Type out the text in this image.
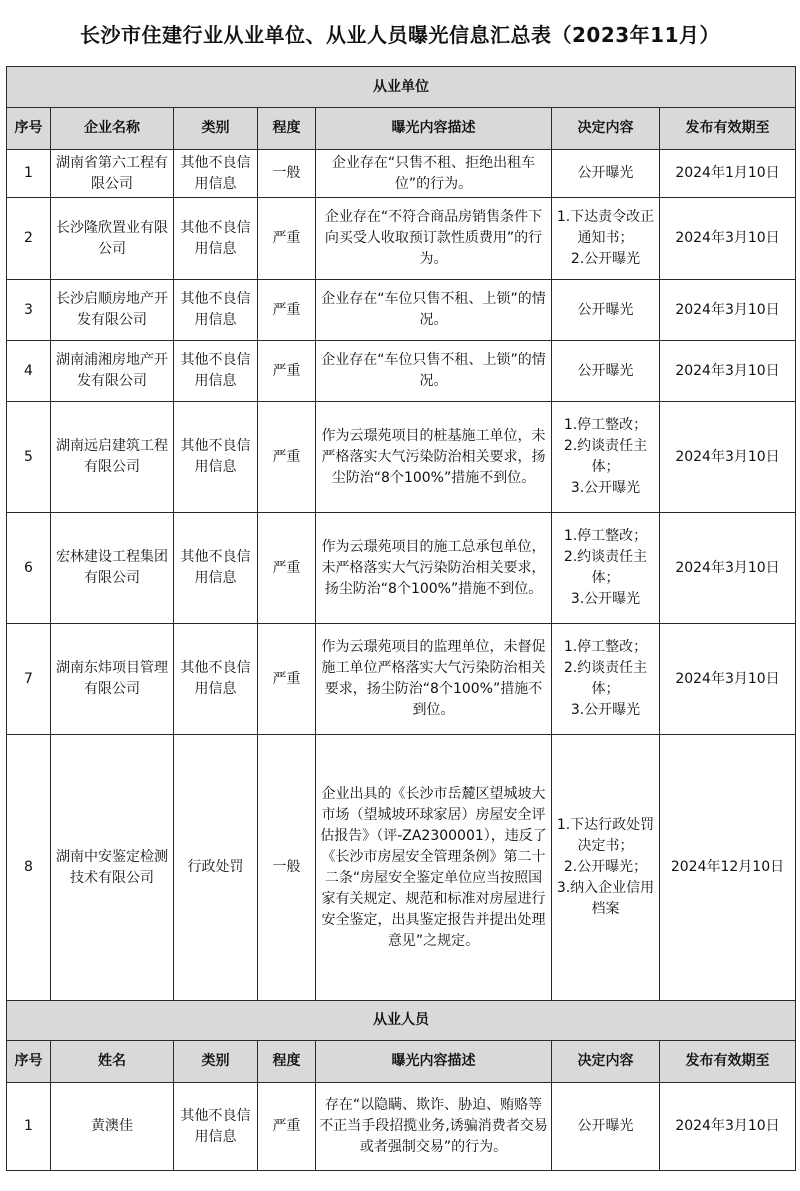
长沙市住建行业从业单位、从业人员曝光信息汇总表（2023年11月）
从业单位						
序号	企业名称	类别	程度	曝光内容描述	决定内容	发布有效期至
1	湖南省第六工程有限公司	其他不良信用信息	一般	企业存在“只售不租、拒绝出租车位”的行为。	公开曝光	2024年1月10日
2	长沙隆欣置业有限公司	其他不良信用信息	严重	企业存在“不符合商品房销售条件下向买受人收取预订款性质费用”的行为。	1.下达责令改正通知书；
2.公开曝光	2024年3月10日
3	长沙启顺房地产开发有限公司	其他不良信用信息	严重	企业存在“车位只售不租、上锁”的情况。	公开曝光	2024年3月10日
4	湖南浦湘房地产开发有限公司	其他不良信用信息	严重	企业存在“车位只售不租、上锁”的情况。	公开曝光	2024年3月10日
5	湖南远启建筑工程有限公司	其他不良信用信息	严重	作为云璟苑项目的桩基施工单位，未严格落实大气污染防治相关要求，扬尘防治“8个100%”措施不到位。	1.停工整改；
2.约谈责任主体；
3.公开曝光	2024年3月10日
6	宏林建设工程集团有限公司	其他不良信用信息	严重	作为云璟苑项目的施工总承包单位，未严格落实大气污染防治相关要求，扬尘防治“8个100%”措施不到位。	1.停工整改；
2.约谈责任主体；
3.公开曝光	2024年3月10日
7	湖南东炜项目管理有限公司	其他不良信用信息	严重	作为云璟苑项目的监理单位，未督促施工单位严格落实大气污染防治相关要求，扬尘防治“8个100%”措施不到位。	1.停工整改；
2.约谈责任主体；
3.公开曝光	2024年3月10日
8	湖南中安鉴定检测技术有限公司	行政处罚	一般	企业出具的《长沙市岳麓区望城坡大市场（望城坡环球家居）房屋安全评估报告》（评-ZA2300001），违反了《长沙市房屋安全管理条例》第二十二条“房屋安全鉴定单位应当按照国家有关规定、规范和标准对房屋进行安全鉴定，出具鉴定报告并提出处理意见”之规定。	1.下达行政处罚决定书；
2.公开曝光；
3.纳入企业信用档案	2024年12月10日
从业人员						
序号	姓名	类别	程度	曝光内容描述	决定内容	发布有效期至
1	黄澳佳	其他不良信用信息	严重	存在“以隐瞒、欺诈、胁迫、贿赂等不正当手段招揽业务,诱骗消费者交易或者强制交易”的行为。	公开曝光	2024年3月10日
